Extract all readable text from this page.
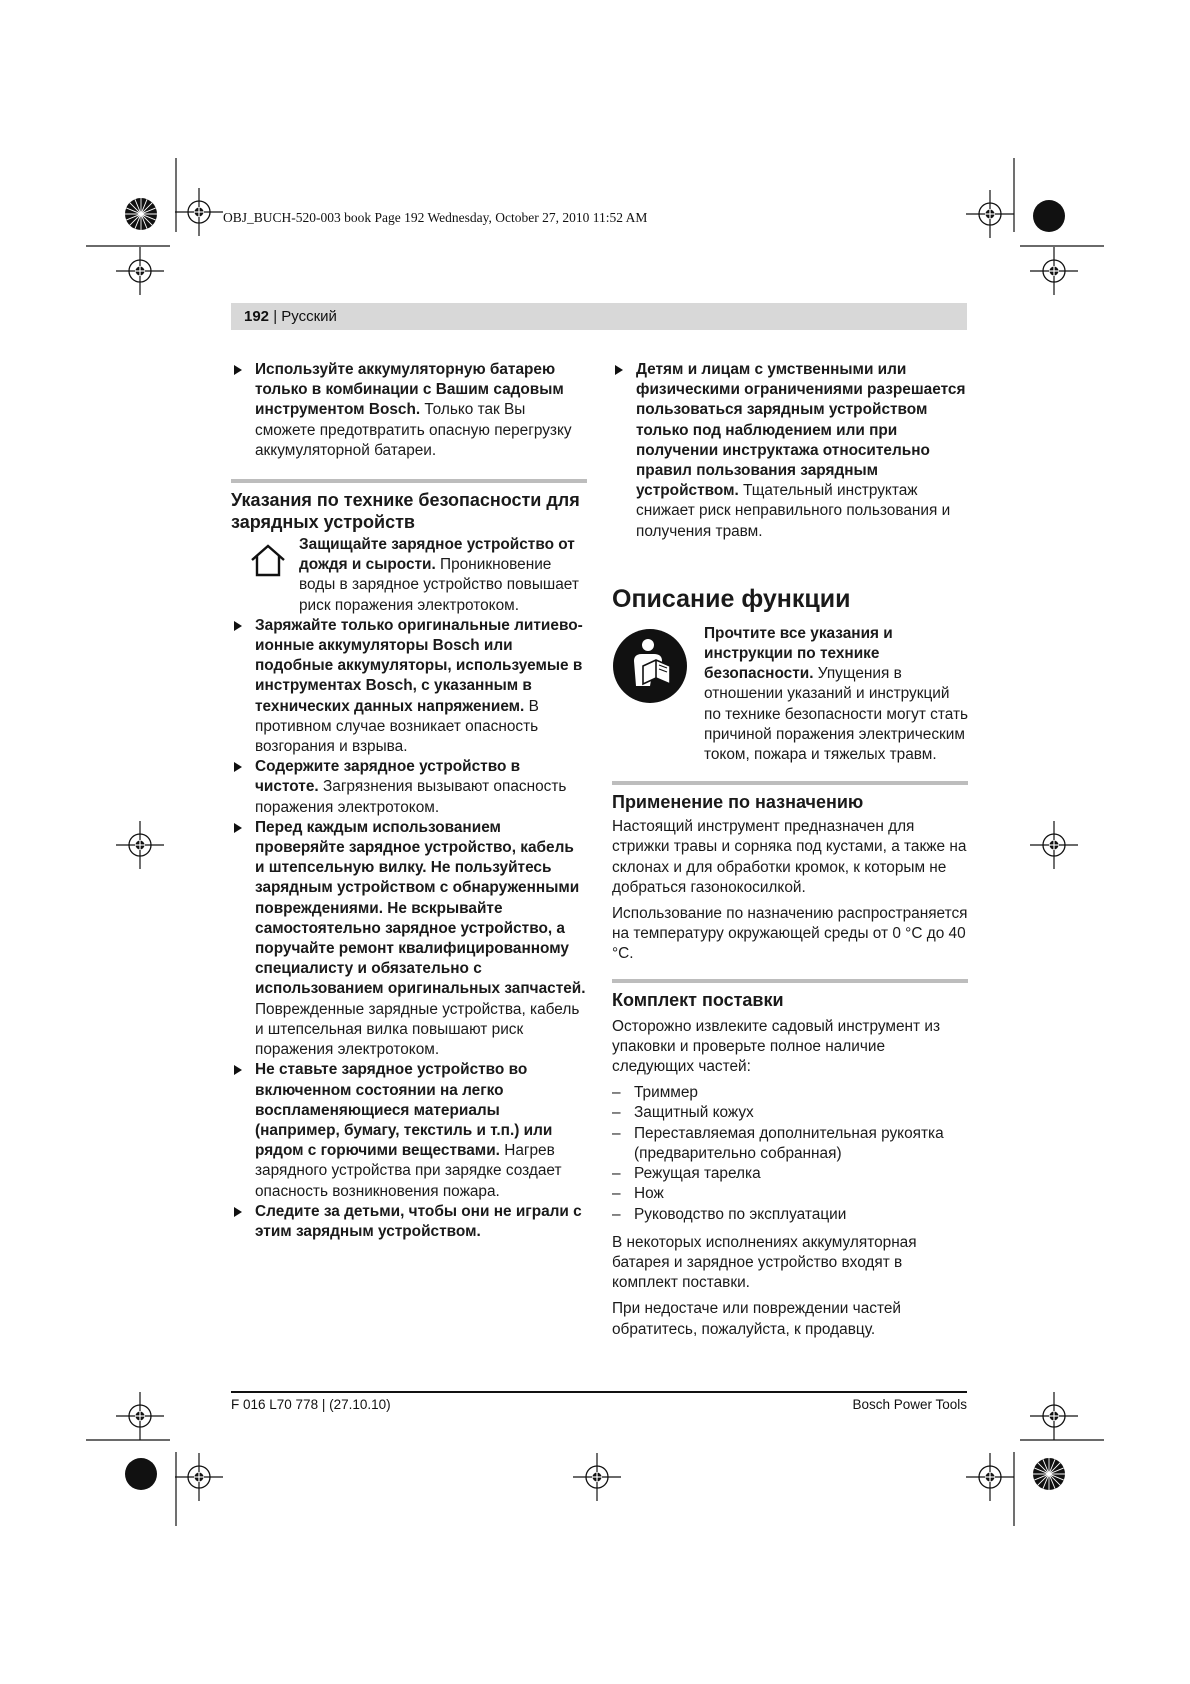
OBJ_BUCH-520-003 book Page 192 Wednesday, October 27, 2010 11:52 AM
192 | Русский

Используйте аккумуляторную батарею только в комбинации с Вашим садовым инструментом Bosch. Только так Вы сможете предотвратить опасную перегрузку аккумуляторной батареи.

Указания по технике безопасности для зарядных устройств

Защищайте зарядное устройство от дождя и сырости. Проникновение воды в зарядное устройство повышает риск поражения электротоком.

Заряжайте только оригинальные литиево-ионные аккумуляторы Bosch или подобные аккумуляторы, используемые в инструментах Bosch, с указанным в технических данных напряжением. В противном случае возникает опасность возгорания и взрыва.

Содержите зарядное устройство в чистоте. Загрязнения вызывают опасность поражения электротоком.

Перед каждым использованием проверяйте зарядное устройство, кабель и штепсельную вилку. Не пользуйтесь зарядным устройством с обнаруженными повреждениями. Не вскрывайте самостоятельно зарядное устройство, а поручайте ремонт квалифицированному специалисту и обязательно с использованием оригинальных запчастей. Поврежденные зарядные устройства, кабель и штепсельная вилка повышают риск поражения электротоком.

Не ставьте зарядное устройство во включенном состоянии на легко воспламеняющиеся материалы (например, бумагу, текстиль и т.п.) или рядом с горючими веществами. Нагрев зарядного устройства при зарядке создает опасность возникновения пожара.

Следите за детьми, чтобы они не играли с этим зарядным устройством.

Детям и лицам с умственными или физическими ограничениями разрешается пользоваться зарядным устройством только под наблюдением или при получении инструктажа относительно правил пользования зарядным устройством. Тщательный инструктаж снижает риск неправильного пользования и получения травм.

Описание функции

Прочтите все указания и инструкции по технике безопасности. Упущения в отношении указаний и инструкций по технике безопасности могут стать причиной поражения электрическим током, пожара и тяжелых травм.

Применение по назначению

Настоящий инструмент предназначен для стрижки травы и сорняка под кустами, а также на склонах и для обработки кромок, к которым не добраться газонокосилкой.

Использование по назначению распространяется на температуру окружающей среды от 0 °C до 40 °C.

Комплект поставки

Осторожно извлеките садовый инструмент из упаковки и проверьте полное наличие следующих частей:

– Триммер

– Защитный кожух

– Переставляемая дополнительная рукоятка (предварительно собранная)

– Режущая тарелка

– Нож

– Руководство по эксплуатации

В некоторых исполнениях аккумуляторная батарея и зарядное устройство входят в комплект поставки.

При недостаче или повреждении частей обратитесь, пожалуйста, к продавцу.

F 016 L70 778 | (27.10.10)	Bosch Power Tools
